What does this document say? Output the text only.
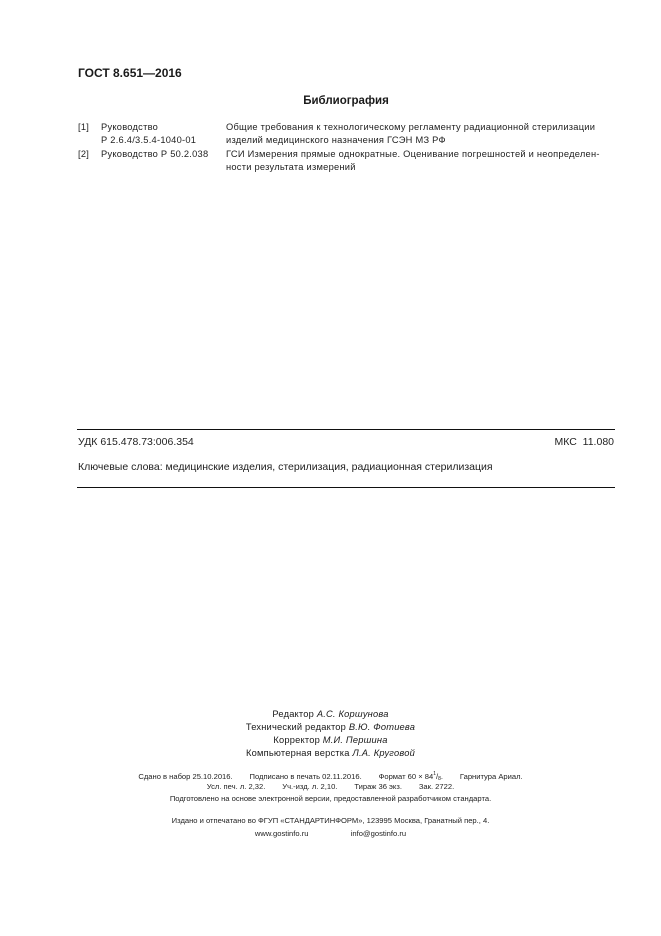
ГОСТ 8.651—2016
Библиография
[1] Руководство
Р 2.6.4/3.5.4-1040-01
Общие требования к технологическому регламенту радиационной стерилизации
изделий медицинского назначения ГСЭН МЗ РФ
[2] Руководство Р 50.2.038 ГСИ Измерения прямые однократные. Оценивание погрешностей и неопределен-
ности результата измерений
УДК 615.478.73:006.354	МКС  11.080
Ключевые слова: медицинские изделия, стерилизация, радиационная стерилизация
Редактор А.С. Коршунова
Технический редактор В.Ю. Фотиева
Корректор М.И. Першина
Компьютерная верстка Л.А. Круговой
Сдано в набор 25.10.2016. Подписано в печать 02.11.2016. Формат $60 \times 84^1/_8$. Гарнитура Ариал.
Усл. печ. л. 2,32. Уч.-изд. л. 2,10. Тираж 36 экз. Зак. 2722.
Подготовлено на основе электронной версии, предоставленной разработчиком стандарта.
Издано и отпечатано во ФГУП «СТАНДАРТИНФОРМ», 123995 Москва, Гранатный пер., 4.
www.gostinfo.ru	info@gostinfo.ru
